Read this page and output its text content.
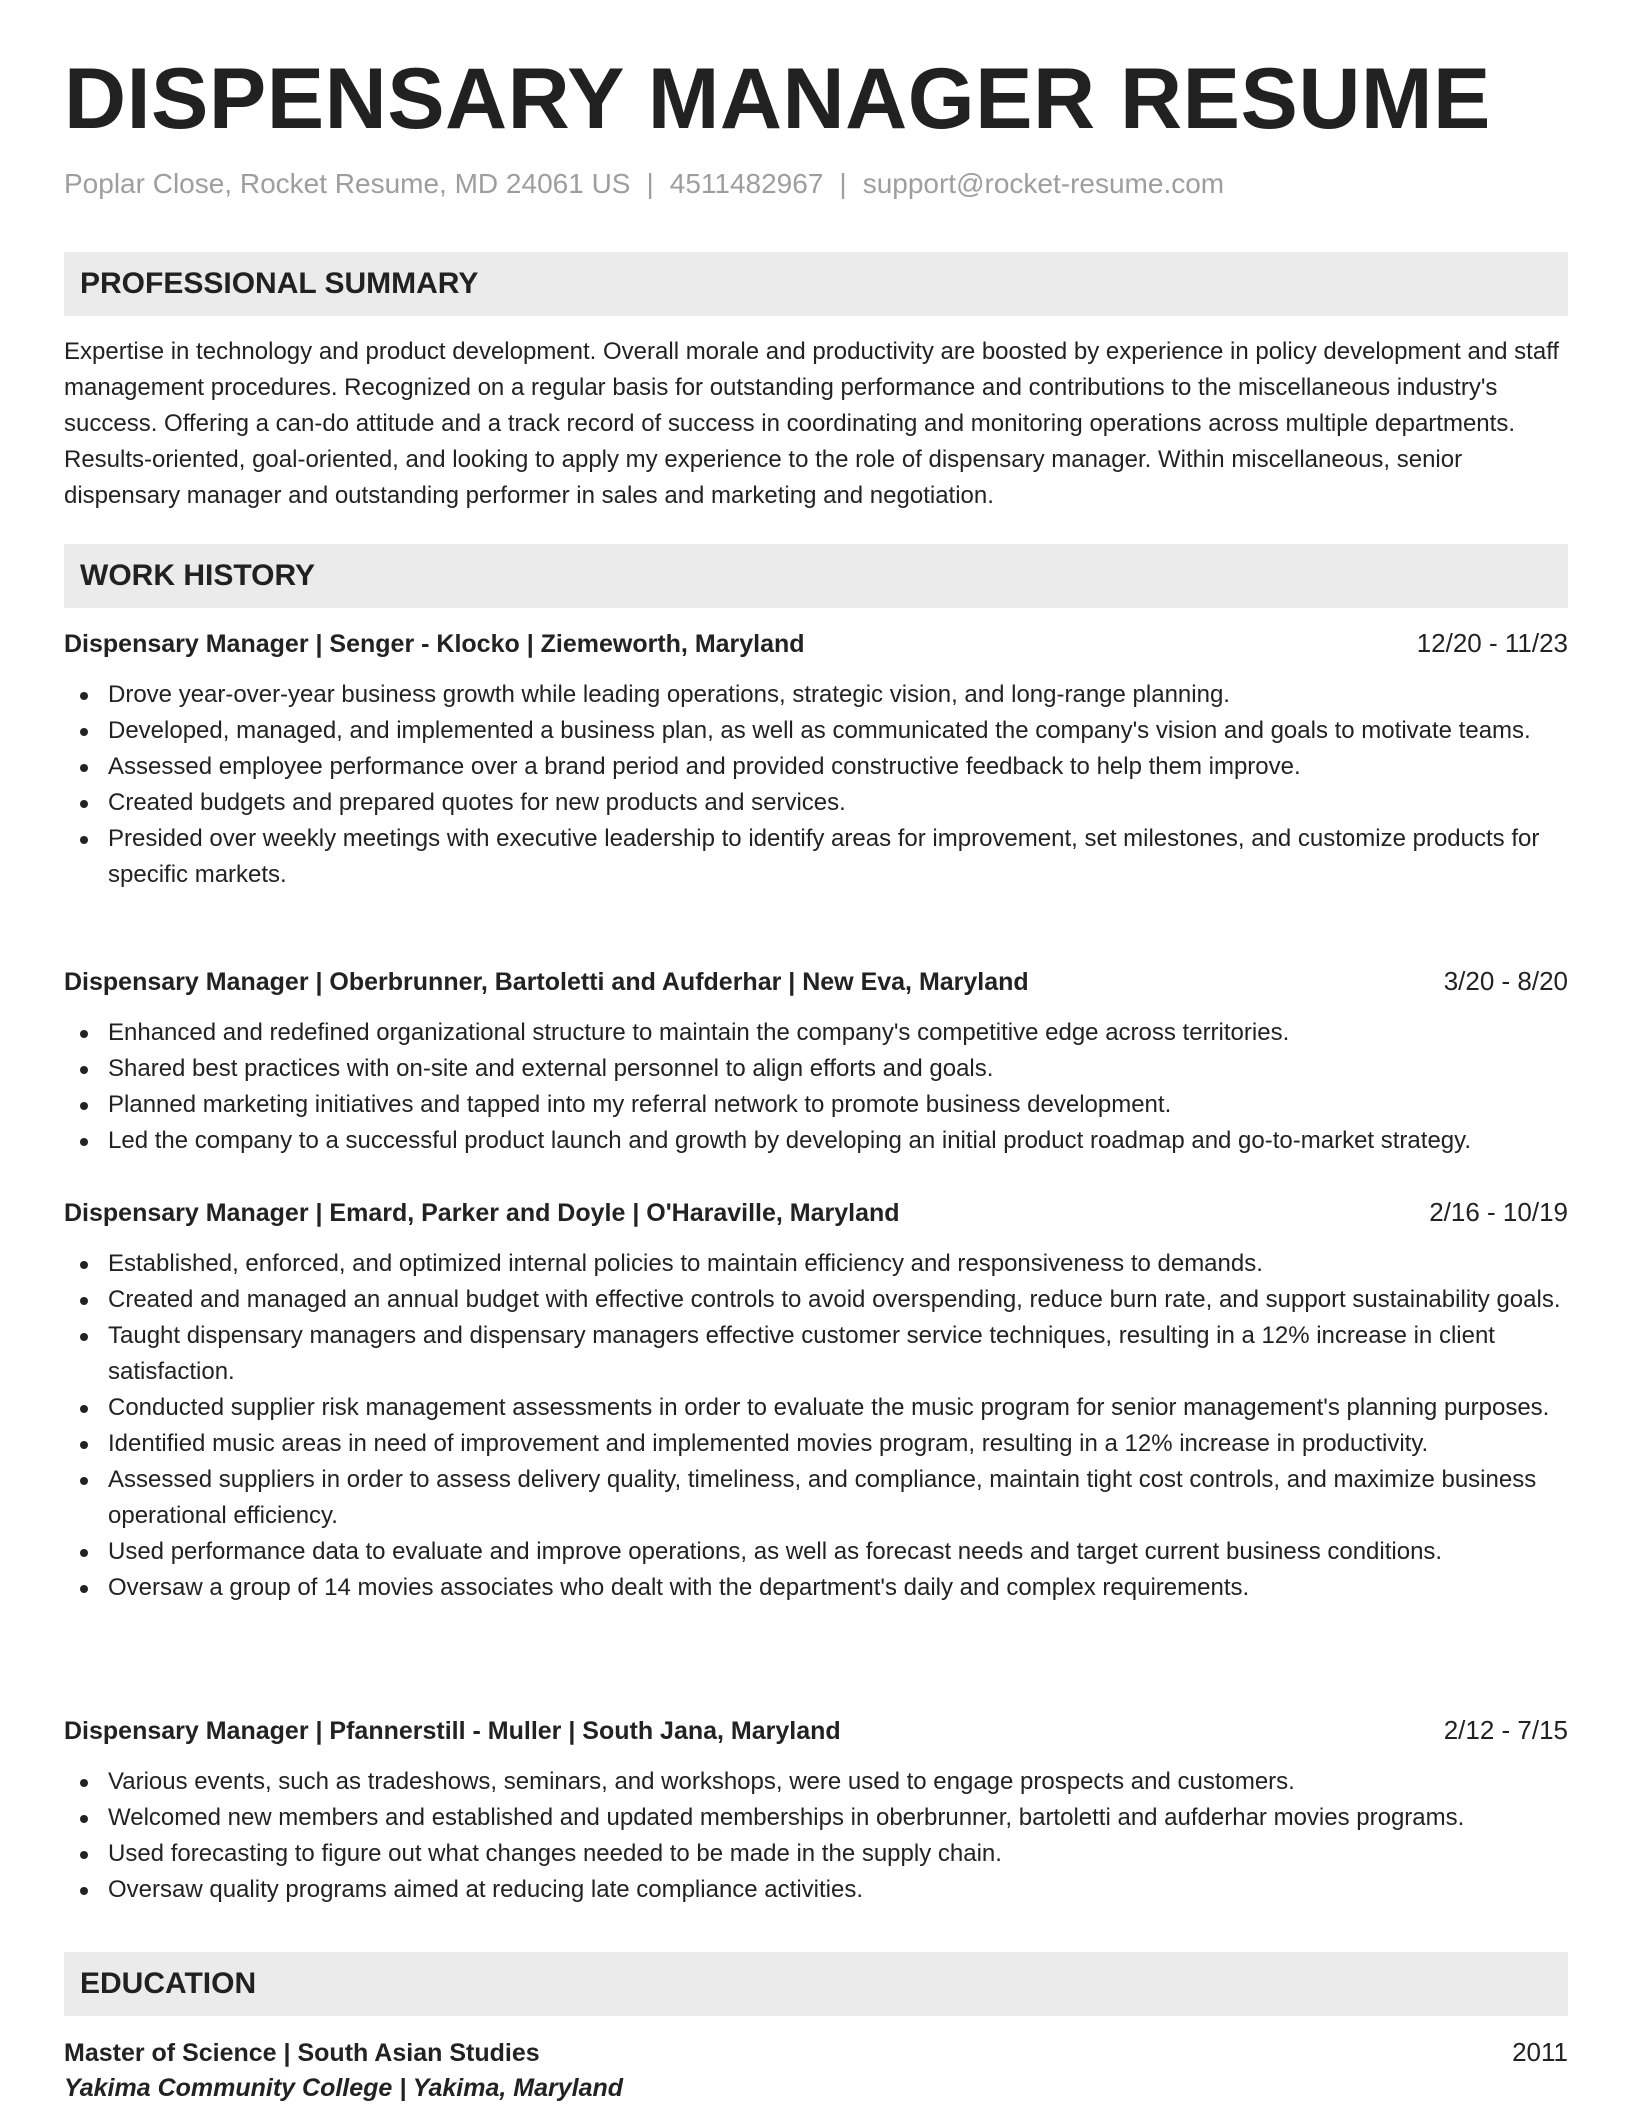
DISPENSARY MANAGER RESUME
Poplar Close, Rocket Resume, MD 24061 US | 4511482967 | support@rocket-resume.com
PROFESSIONAL SUMMARY

Expertise in technology and product development. Overall morale and productivity are boosted by experience in policy development and staff management procedures. Recognized on a regular basis for outstanding performance and contributions to the miscellaneous industry's success. Offering a can-do attitude and a track record of success in coordinating and monitoring operations across multiple departments. Results-oriented, goal-oriented, and looking to apply my experience to the role of dispensary manager. Within miscellaneous, senior dispensary manager and outstanding performer in sales and marketing and negotiation.

WORK HISTORY
Dispensary Manager | Senger - Klocko | Ziemeworth, Maryland	12/20 - 11/23
Drove year-over-year business growth while leading operations, strategic vision, and long-range planning.
Developed, managed, and implemented a business plan, as well as communicated the company's vision and goals to motivate teams.
Assessed employee performance over a brand period and provided constructive feedback to help them improve.
Created budgets and prepared quotes for new products and services.
Presided over weekly meetings with executive leadership to identify areas for improvement, set milestones, and customize products for specific markets.
Dispensary Manager | Oberbrunner, Bartoletti and Aufderhar | New Eva, Maryland	3/20 - 8/20
Enhanced and redefined organizational structure to maintain the company's competitive edge across territories.
Shared best practices with on-site and external personnel to align efforts and goals.
Planned marketing initiatives and tapped into my referral network to promote business development.
Led the company to a successful product launch and growth by developing an initial product roadmap and go-to-market strategy.
Dispensary Manager | Emard, Parker and Doyle | O'Haraville, Maryland	2/16 - 10/19
Established, enforced, and optimized internal policies to maintain efficiency and responsiveness to demands.
Created and managed an annual budget with effective controls to avoid overspending, reduce burn rate, and support sustainability goals.
Taught dispensary managers and dispensary managers effective customer service techniques, resulting in a 12% increase in client satisfaction.
Conducted supplier risk management assessments in order to evaluate the music program for senior management's planning purposes.
Identified music areas in need of improvement and implemented movies program, resulting in a 12% increase in productivity.
Assessed suppliers in order to assess delivery quality, timeliness, and compliance, maintain tight cost controls, and maximize business operational efficiency.
Used performance data to evaluate and improve operations, as well as forecast needs and target current business conditions.
Oversaw a group of 14 movies associates who dealt with the department's daily and complex requirements.
Dispensary Manager | Pfannerstill - Muller | South Jana, Maryland	2/12 - 7/15
Various events, such as tradeshows, seminars, and workshops, were used to engage prospects and customers.
Welcomed new members and established and updated memberships in oberbrunner, bartoletti and aufderhar movies programs.
Used forecasting to figure out what changes needed to be made in the supply chain.
Oversaw quality programs aimed at reducing late compliance activities.
EDUCATION
Master of Science | South Asian Studies	2011
Yakima Community College | Yakima, Maryland
